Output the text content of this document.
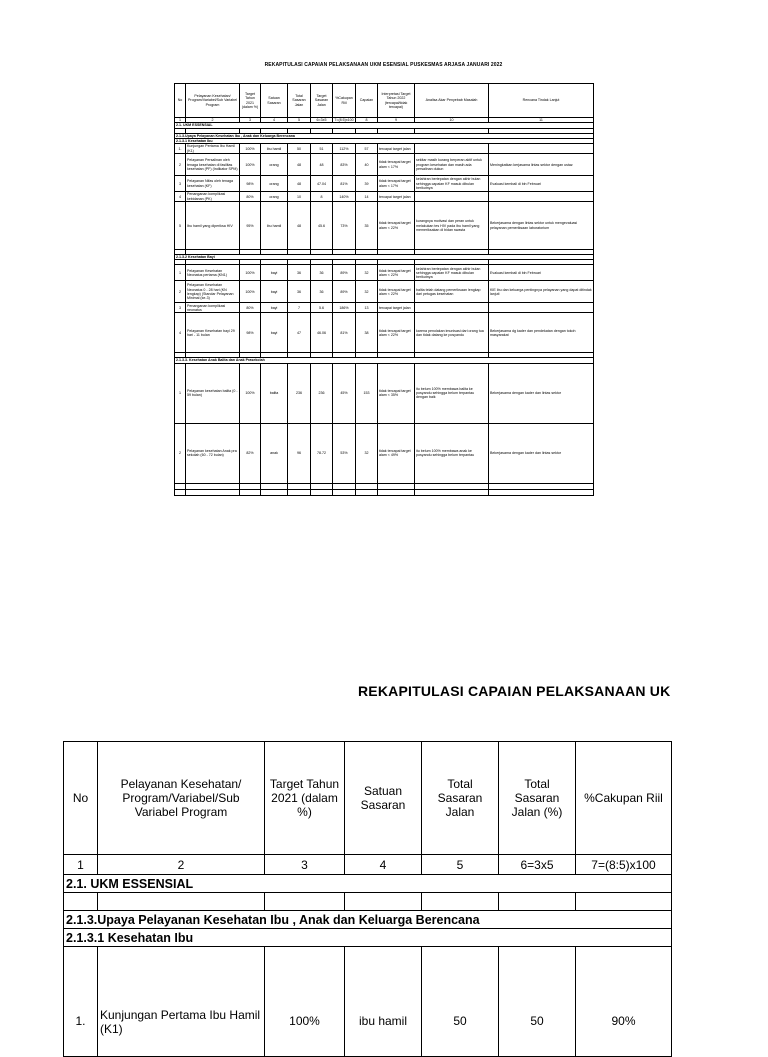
REKAPITULASI CAPAIAN PELAKSANAAN UKM ESENSIAL PUSKESMAS ARJASA JANUARI 2022
No	Pelayanan Kesehatan/ Program/Variabel/Sub Variabel Program	Target Tahun 2021 (dalam %)	Satuan Sasaran	Total Sasaran Jalan	Target Sasaran Jalan	%Cakupan Riil	Capaian	Interpretasi Target Tahun 2022 (tercapai/tidak tercapai)	Analisa Akar Penyebab Masalah	Rencana Tindak Lanjut
1	2	3	4	5	6=3x5	7=(8:5)x100	8	9	10	11
2.1. UKM ESSENSIAL										

2.1.3.Upaya Pelayanan Kesehatan Ibu , Anak dan Keluarga Berencana										
2.1.3.1 Kesehatan Ibu										
1.	Kunjungan Pertama Ibu Hamil (K1)	100%	ibu hamil	50	51	112%	57	tercapai target jalan		
2	Pelayanan Persalinan oleh tenaga kesehatan di fasilitas kesehatan (PF) (Indikator SPM)	100%	orang	48	48	83%	40	tidak tercapai target alam < 17%	sekitar masih kurang berperan aktif untuk program kesehatan dan masih ada persalinan dukun	Meningkatkan kerjasama lintas sektor dengan ustaz
3	Pelayanan Nifas oleh tenaga kesehatan (KF)	98%	orang	48	47.04	81%	39	tidak tercapai target alam < 17%	kelahiran bertepatan dengan akhir bulan sehingga capaian KF masuk dibulan berikutnya	Evaluasi kembali di bln Februari
4	Penanganan komplikasi kebidanan (PK)	80%	orang	10	8	140%	14	tercapai target jalan		
5	Ibu hamil yang diperiksa HIV	95%	ibu hamil	48	45.6	73%	35	tidak tercapai target alam < 22%	kurangnya motivasi dan peran untuk melakukan tes HIV pada ibu hamil yang memeriksakan di bidan swasta	Bekerjasama dengan lintas sektor untuk mengevaluasi pelayanan pemeriksaan laboratorium

2.1.3.2 Kesehatan Bayi										

1	Pelayanan Kesehatan Neonatus pertama (KN1)	100%	bayi	36	36	89%	32	tidak tercapai target alam < 22%	kelahiran bertepatan dengan akhir bulan sehingga capaian KF masuk dibulan berikutnya	Evaluasi kembali di bln Februari
2	Pelayanan Kesehatan Neonatus 0 - 28 hari (KN lengkap) (Standar Pelayanan Minimal (ke-3)	100%	bayi	36	36	89%	32	tidak tercapai target alam < 22%	balita telah datang pemeriksaan lengkap dari petugas kesehatan	KIE ibu dan keluarga pentingnya pelayanan yang dapat ditindak lanjuti
3	Penanganan komplikasi neonatus	80%	bayi	7	5.6	186%	13	tercapai target jalan		
4	Pelayanan Kesehatan bayi 29 hari - 11 bulan	98%	bayi	47	46.06	81%	38	tidak tercapai target alam < 22%	karena penolakan imunisasi dari orang tua dan tidak datang ke posyandu	Bekerjasama dg kader dan pendekatan dengan tokoh masyarakat

2.1.3.3. Kesehatan Anak Balita dan Anak Prasekolah										
1	Pelayanan kesehatan balita (0 - 59 bulan)	100%	balita	236	236	45%	153	tidak tercapai target alam < 35%	itu belum 100% membawa balita ke posyandu sehingga belum terpantau dengan baik	Bekerjasama dengan kader dan lintas sektor
2	Pelayanan kesehatan Anak pra sekolah (60 - 72 bulan)	82%	anak	96	78.72	53%	32	tidak tercapai target alam < 49%	itu belum 100% membawa anak ke posyandu sehingga belum terpantau	Bekerjasama dengan kader dan lintas sektor

REKAPITULASI CAPAIAN PELAKSANAAN UK
No	Pelayanan Kesehatan/ Program/Variabel/Sub Variabel Program	Target Tahun 2021 (dalam %)	Satuan Sasaran	Total Sasaran Jalan	Total Sasaran Jalan (%)	%Cakupan Riil
1	2	3	4	5	6=3x5	7=(8:5)x100
2.1. UKM ESSENSIAL						

2.1.3.Upaya Pelayanan Kesehatan Ibu , Anak dan Keluarga Berencana						
2.1.3.1 Kesehatan Ibu						
1.	Kunjungan Pertama Ibu Hamil (K1)	100%	ibu hamil	50	50	90%
